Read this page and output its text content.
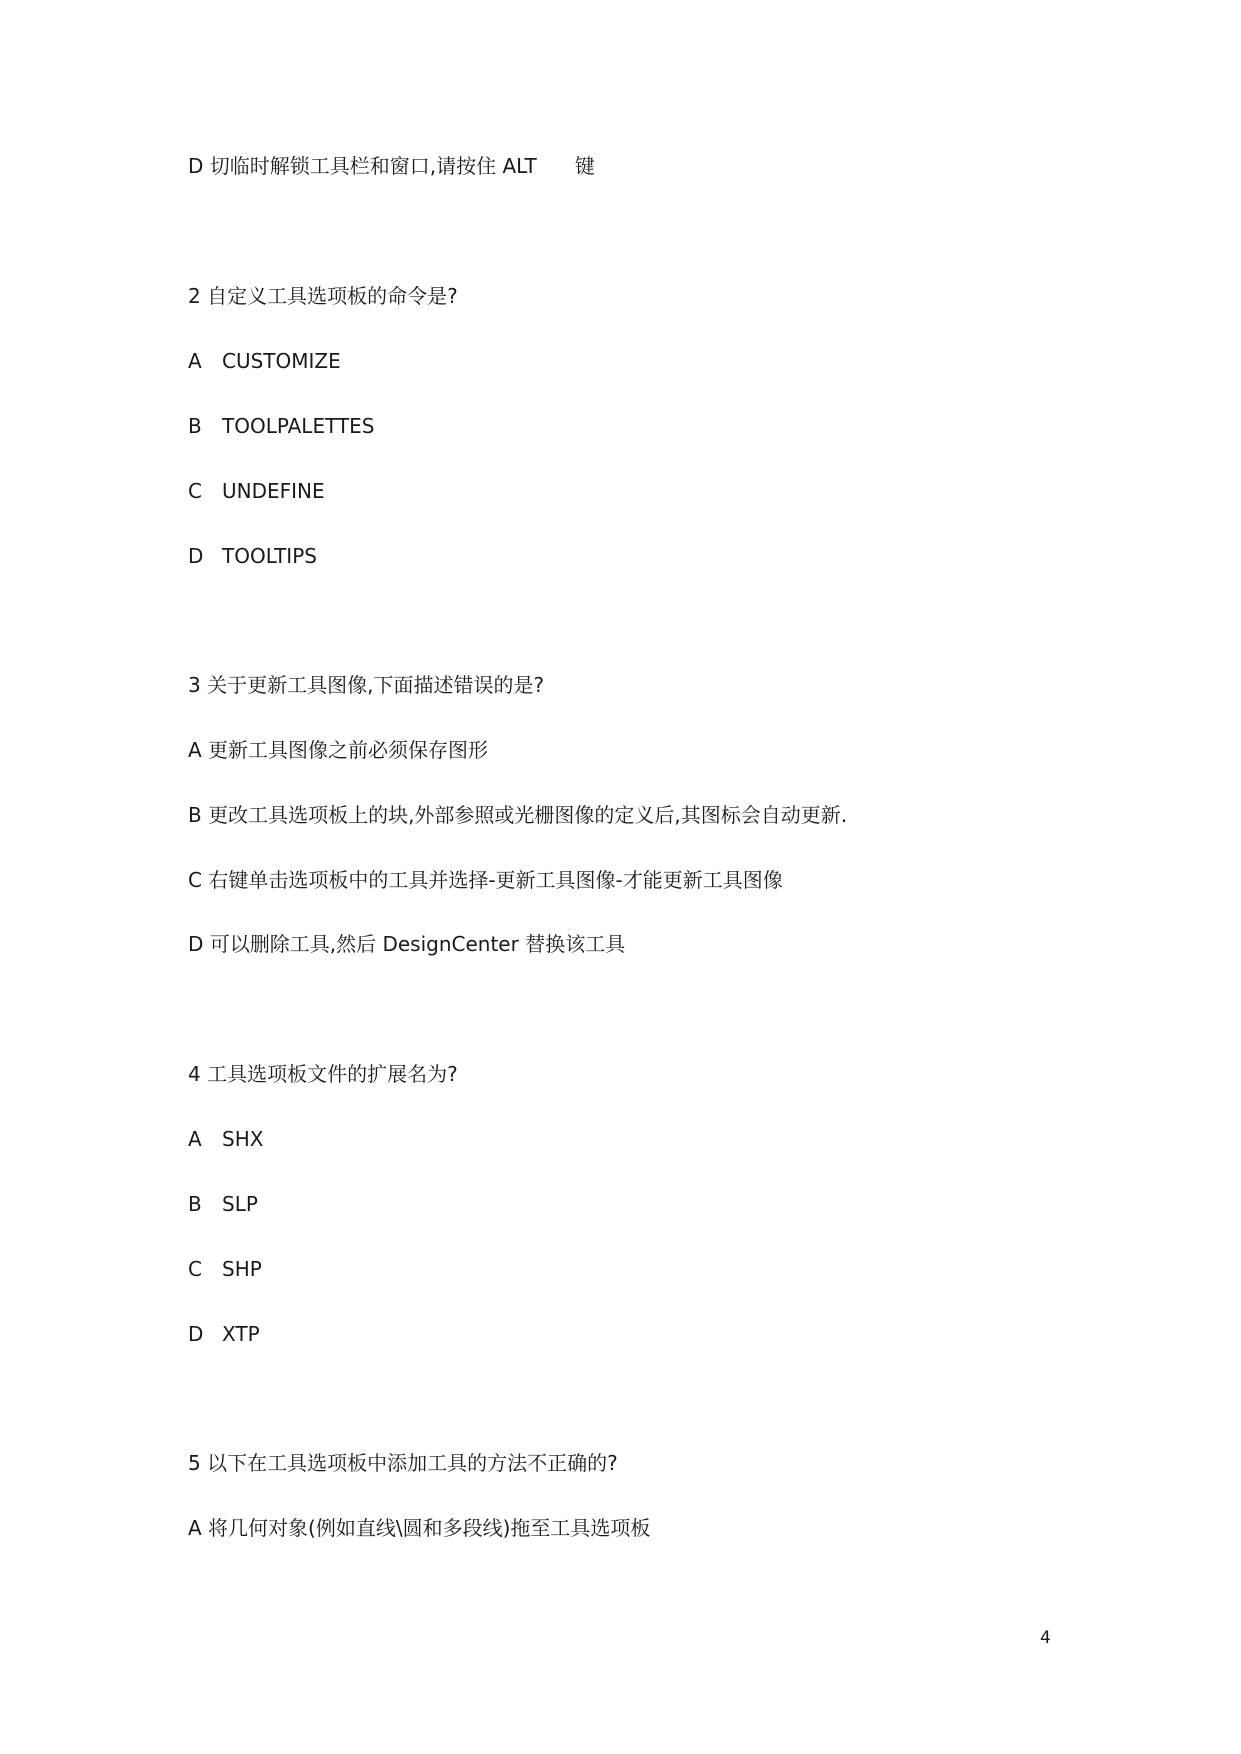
D 切临时解锁工具栏和窗口,请按住 ALT      键
2 自定义工具选项板的命令是?
A CUSTOMIZE
B TOOLPALETTES
C UNDEFINE
D TOOLTIPS
3 关于更新工具图像,下面描述错误的是?
A 更新工具图像之前必须保存图形
B 更改工具选项板上的块,外部参照或光栅图像的定义后,其图标会自动更新.
C 右键单击选项板中的工具并选择-更新工具图像-才能更新工具图像
D 可以删除工具,然后 DesignCenter 替换该工具
4 工具选项板文件的扩展名为?
A SHX
B SLP
C SHP
D XTP
5 以下在工具选项板中添加工具的方法不正确的?
A 将几何对象(例如直线\圆和多段线)拖至工具选项板
4
